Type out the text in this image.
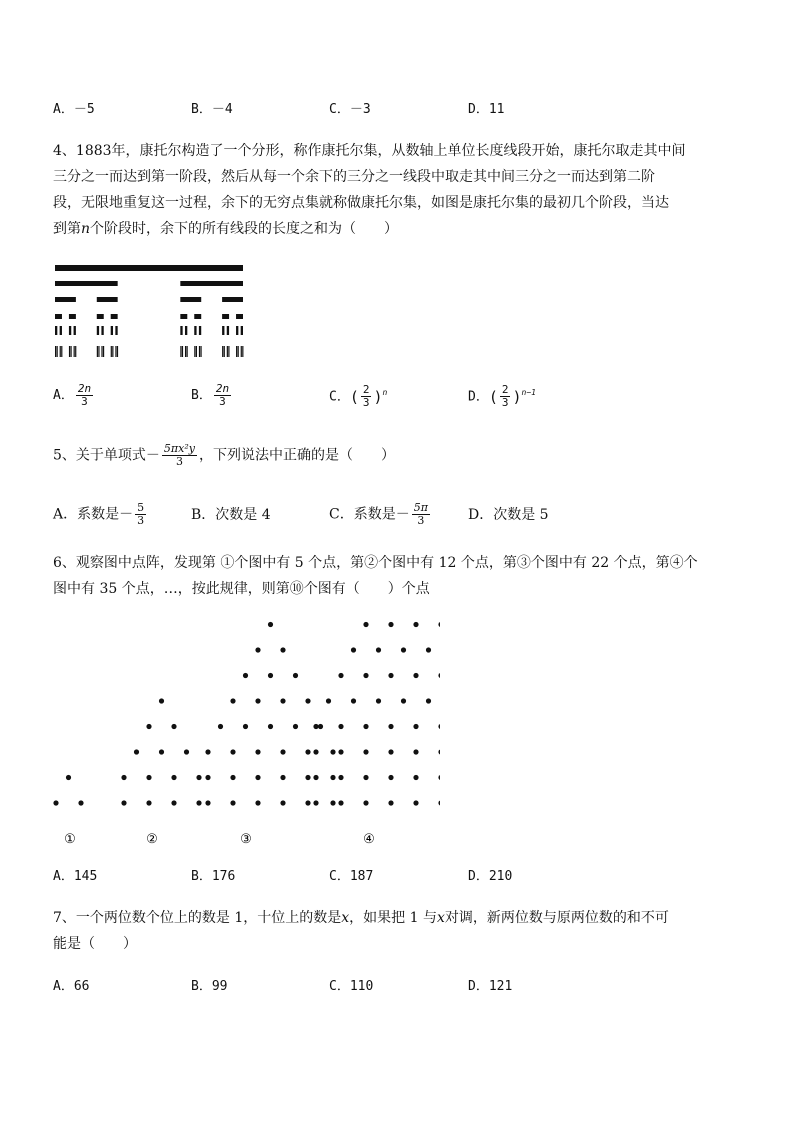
A．－5	B．－4	C．－3	D．11
4、1883年，康托尔构造了一个分形，称作康托尔集，从数轴上单位长度线段开始，康托尔取走其中间
三分之一而达到第一阶段，然后从每一个余下的三分之一线段中取走其中间三分之一而达到第二阶
段，无限地重复这一过程，余下的无穷点集就称做康托尔集，如图是康托尔集的最初几个阶段，当达
到第n个阶段时，余下的所有线段的长度之和为（　　）
A． $\frac{2n}{3}$	B． $\frac{2n}{3}$	C．( $\frac{2}{3} )^n$	D．( $\frac{2}{3} )^{n-1}$
5、关于单项式－ $\frac{\text{5πx²y}}{3}$ ，下列说法中正确的是（　　）
A．系数是－ $\frac{5}{3}$	B．次数是 4	C．系数是－ $\frac{5\pi}{3}$	D．次数是 5
6、观察图中点阵，发现第 ①个图中有 5 个点，第②个图中有 12 个点，第③个图中有 22 个点，第④个
图中有 35 个点，…，按此规律，则第⑩个图有（　　）个点
①	②	③	④
A．145	B．176	C．187	D．210
7、一个两位数个位上的数是 1，十位上的数是x，如果把 1 与x对调，新两位数与原两位数的和不可
能是（　　）
A．66	B．99	C．110	D．121
